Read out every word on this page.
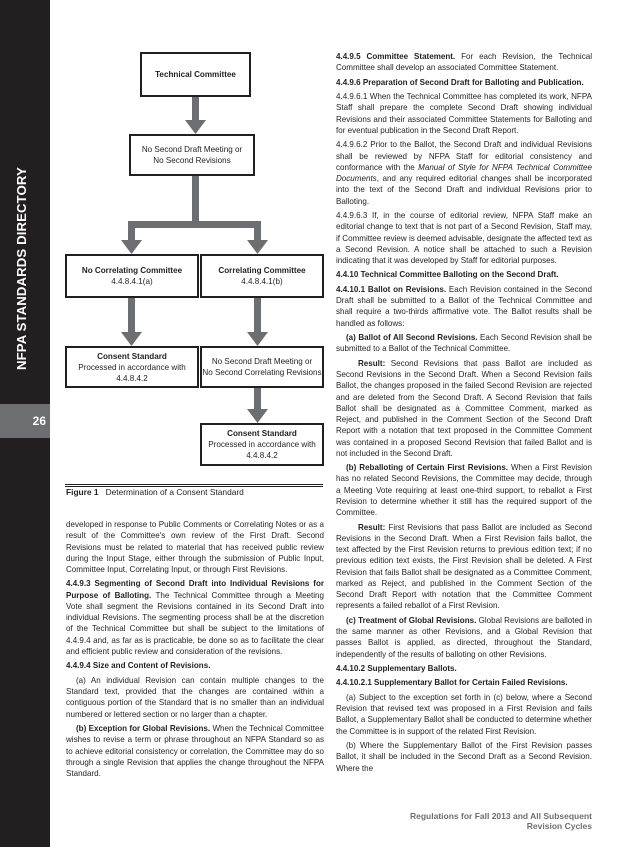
NFPA STANDARDS DIRECTORY
26
Technical Committee
No Second Draft Meeting or
No Second Revisions
No Correlating Committee
4.4.8.4.1(a)
Correlating Committee
4.4.8.4.1(b)
Consent Standard
Processed in accordance with
4.4.8.4.2
No Second Draft Meeting or
No Second Correlating Revisions
Consent Standard
Processed in accordance with
4.4.8.4.2
Figure 1 Determination of a Consent Standard

developed in response to Public Comments or Correlating Notes or as a result of the Committee's own review of the First Draft. Second Revisions must be related to material that has received public review during the Input Stage, either through the submission of Public Input, Committee Input, Correlating Input, or through First Revisions.

4.4.9.3 Segmenting of Second Draft into Individual Revisions for Purpose of Balloting. The Technical Committee through a Meeting Vote shall segment the Revisions contained in its Second Draft into individual Revisions. The segmenting process shall be at the discretion of the Technical Committee but shall be subject to the limitations of 4.4.9.4 and, as far as is practicable, be done so as to facilitate the clear and efficient public review and consideration of the revisions.

4.4.9.4 Size and Content of Revisions.

(a) An individual Revision can contain multiple changes to the Standard text, provided that the changes are contained within a contiguous portion of the Standard that is no smaller than an individual numbered or lettered section or no larger than a chapter.

(b) Exception for Global Revisions. When the Technical Committee wishes to revise a term or phrase throughout an NFPA Standard so as to achieve editorial consistency or correlation, the Committee may do so through a single Revision that applies the change throughout the NFPA Standard.

4.4.9.5 Committee Statement. For each Revision, the Technical Committee shall develop an associated Committee Statement.

4.4.9.6 Preparation of Second Draft for Balloting and Publication.

4.4.9.6.1 When the Technical Committee has completed its work, NFPA Staff shall prepare the complete Second Draft showing individual Revisions and their associated Committee Statements for Balloting and for eventual publication in the Second Draft Report.

4.4.9.6.2 Prior to the Ballot, the Second Draft and individual Revisions shall be reviewed by NFPA Staff for editorial consistency and conformance with the Manual of Style for NFPA Technical Committee Documents, and any required editorial changes shall be incorporated into the text of the Second Draft and individual Revisions prior to Balloting.

4.4.9.6.3 If, in the course of editorial review, NFPA Staff make an editorial change to text that is not part of a Second Revision, Staff may, if Committee review is deemed advisable, designate the affected text as a Second Revision. A notice shall be attached to such a Revision indicating that it was developed by Staff for editorial purposes.

4.4.10 Technical Committee Balloting on the Second Draft.

4.4.10.1 Ballot on Revisions. Each Revision contained in the Second Draft shall be submitted to a Ballot of the Technical Committee and shall require a two-thirds affirmative vote. The Ballot results shall be handled as follows:

(a) Ballot of All Second Revisions. Each Second Revision shall be submitted to a Ballot of the Technical Committee.

Result: Second Revisions that pass Ballot are included as Second Revisions in the Second Draft. When a Second Revision fails Ballot, the changes proposed in the failed Second Revision are rejected and are deleted from the Second Draft. A Second Revision that fails Ballot shall be designated as a Committee Comment, marked as Reject, and published in the Comment Section of the Second Draft Report with a notation that text proposed in the Committee Comment was contained in a proposed Second Revision that failed Ballot and is not included in the Second Draft.

(b) Reballoting of Certain First Revisions. When a First Revision has no related Second Revisions, the Committee may decide, through a Meeting Vote requiring at least one-third support, to reballot a First Revision to determine whether it still has the required support of the Committee.

Result: First Revisions that pass Ballot are included as Second Revisions in the Second Draft. When a First Revision fails ballot, the text affected by the First Revision returns to previous edition text; if no previous edition text exists, the First Revision shall be deleted. A First Revision that fails Ballot shall be designated as a Committee Comment, marked as Reject, and published in the Comment Section of the Second Draft Report with notation that the Committee Comment represents a failed reballot of a First Revision.

(c) Treatment of Global Revisions. Global Revisions are balloted in the same manner as other Revisions, and a Global Revision that passes Ballot is applied, as directed, throughout the Standard, independently of the results of balloting on other Revisions.

4.4.10.2 Supplementary Ballots.

4.4.10.2.1 Supplementary Ballot for Certain Failed Revisions.

(a) Subject to the exception set forth in (c) below, where a Second Revision that revised text was proposed in a First Revision and fails Ballot, a Supplementary Ballot shall be conducted to determine whether the Committee is in support of the related First Revision.

(b) Where the Supplementary Ballot of the First Revision passes Ballot, it shall be included in the Second Draft as a Second Revision. Where the

Regulations for Fall 2013 and All Subsequent Revision Cycles
